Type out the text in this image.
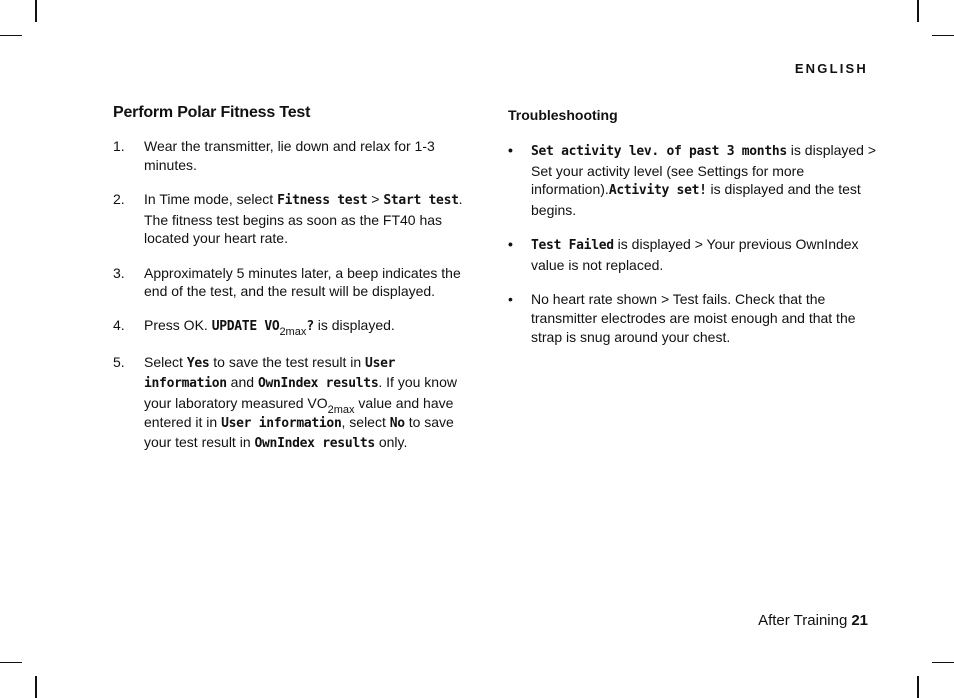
ENGLISH
Perform Polar Fitness Test
1. Wear the transmitter, lie down and relax for 1-3 minutes.
2. In Time mode, select Fitness test > Start test. The fitness test begins as soon as the FT40 has located your heart rate.
3. Approximately 5 minutes later, a beep indicates the end of the test, and the result will be displayed.
4. Press OK. UPDATE $VO_{2max}$? is displayed.
5. Select Yes to save the test result in User information and OwnIndex results. If you know your laboratory measured $VO_{2max}$ value and have entered it in User information, select No to save your test result in OwnIndex results only.
Troubleshooting
• Set activity lev. of past 3 months is displayed > Set your activity level (see Settings for more information).Activity set! is displayed and the test begins.
• Test Failed is displayed > Your previous OwnIndex value is not replaced.
• No heart rate shown > Test fails. Check that the transmitter electrodes are moist enough and that the strap is snug around your chest.
After Training 21
